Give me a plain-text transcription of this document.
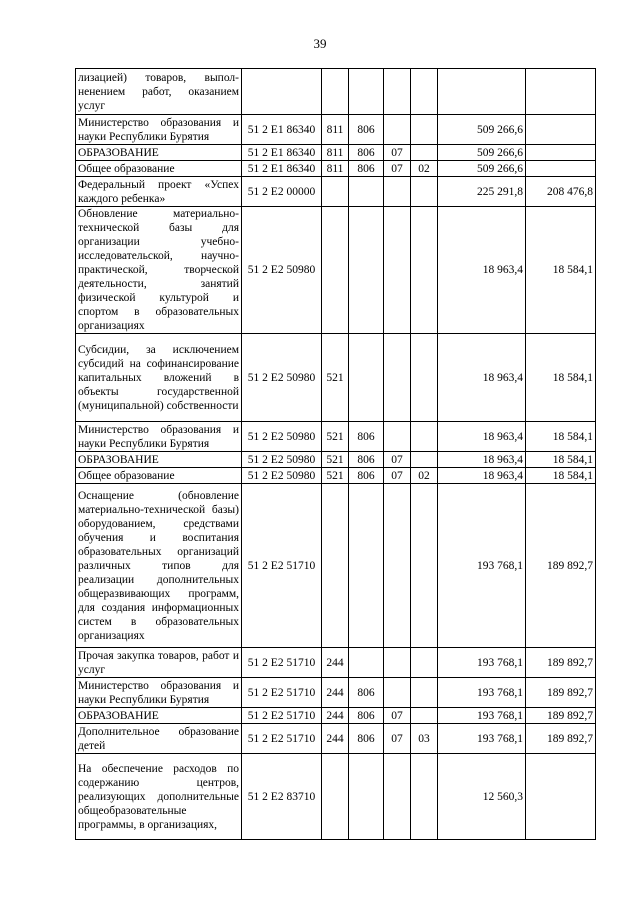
39
лизацией) товаров, выпол-ненением работ, оказанием услуг							
Министерство образования и науки Республики Бурятия	51 2 E1 86340	811	806			509 266,6	
ОБРАЗОВАНИЕ	51 2 E1 86340	811	806	07		509 266,6	
Общее образование	51 2 E1 86340	811	806	07	02	509 266,6	
Федеральный проект «Успех каждого ребенка»	51 2 E2 00000					225 291,8	208 476,8
Обновление материально-технической базы для организации учебно-исследовательской, научно-практической, творческой деятельности, занятий физической культурой и спортом в образовательных организациях	51 2 E2 50980					18 963,4	18 584,1
Субсидии, за исключением субсидий на софинансирование капитальных вложений в объекты государственной (муниципальной) собственности	51 2 E2 50980	521				18 963,4	18 584,1
Министерство образования и науки Республики Бурятия	51 2 E2 50980	521	806			18 963,4	18 584,1
ОБРАЗОВАНИЕ	51 2 E2 50980	521	806	07		18 963,4	18 584,1
Общее образование	51 2 E2 50980	521	806	07	02	18 963,4	18 584,1
Оснащение (обновление материально-технической базы) оборудованием, средствами обучения и воспитания образовательных организаций различных типов для реализации дополнительных общеразвивающих программ, для создания информационных систем в образовательных организациях	51 2 E2 51710					193 768,1	189 892,7
Прочая закупка товаров, работ и услуг	51 2 E2 51710	244				193 768,1	189 892,7
Министерство образования и науки Республики Бурятия	51 2 E2 51710	244	806			193 768,1	189 892,7
ОБРАЗОВАНИЕ	51 2 E2 51710	244	806	07		193 768,1	189 892,7
Дополнительное образование детей	51 2 E2 51710	244	806	07	03	193 768,1	189 892,7
На обеспечение расходов по содержанию центров, реализующих дополнительные общеобразовательные программы, в организациях,	51 2 E2 83710					12 560,3	
